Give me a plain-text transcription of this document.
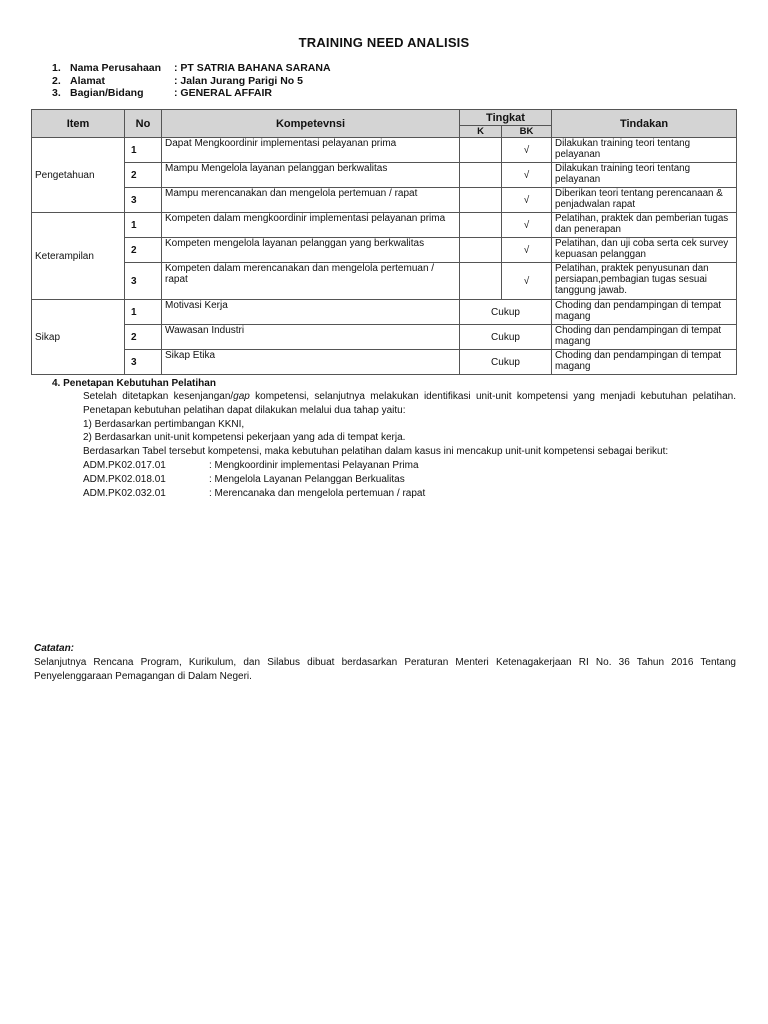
TRAINING NEED ANALISIS
1. Nama Perusahaan : PT SATRIA BAHANA SARANA
2. Alamat	: Jalan Jurang Parigi No 5
3. Bagian/Bidang	: GENERAL AFFAIR
Item	No	Kompetevnsi	Tingkat		Tindakan
			K	BK	
Pengetahuan	1	Dapat Mengkoordinir implementasi pelayanan prima		√	Dilakukan training teori tentang pelayanan
	2	Mampu Mengelola layanan pelanggan berkwalitas		√	Dilakukan training teori tentang pelayanan
	3	Mampu merencanakan dan mengelola pertemuan / rapat		√	Diberikan teori tentang perencanaan & penjadwalan rapat
Keterampilan	1	Kompeten dalam mengkoordinir implementasi pelayanan prima		√	Pelatihan, praktek dan pemberian tugas dan penerapan
	2	Kompeten mengelola layanan pelanggan yang berkwalitas		√	Pelatihan, dan uji coba serta cek survey kepuasan pelanggan
	3	Kompeten dalam merencanakan dan mengelola pertemuan / rapat		√	Pelatihan, praktek penyusunan dan persiapan,pembagian tugas sesuai tanggung jawab.
Sikap	1	Motivasi Kerja	Cukup		Choding dan pendampingan di tempat magang
	2	Wawasan Industri	Cukup		Choding dan pendampingan di tempat magang
	3	Sikap Etika	Cukup		Choding dan pendampingan di tempat magang
4. Penetapan Kebutuhan Pelatihan
Setelah ditetapkan kesenjangan/gap kompetensi, selanjutnya melakukan identifikasi unit-unit kompetensi yang menjadi kebutuhan pelatihan. Penetapan kebutuhan pelatihan dapat dilakukan melalui dua tahap yaitu:
1) Berdasarkan pertimbangan KKNI,
2) Berdasarkan unit-unit kompetensi pekerjaan yang ada di tempat kerja.
Berdasarkan Tabel tersebut kompetensi, maka kebutuhan pelatihan dalam kasus ini mencakup unit-unit kompetensi sebagai berikut:
ADM.PK02.017.01	: Mengkoordinir implementasi Pelayanan Prima
ADM.PK02.018.01	: Mengelola Layanan Pelanggan Berkualitas
ADM.PK02.032.01	: Merencanaka dan mengelola pertemuan / rapat
Catatan:
Selanjutnya Rencana Program, Kurikulum, dan Silabus dibuat berdasarkan Peraturan Menteri Ketenagakerjaan RI No. 36 Tahun 2016 Tentang Penyelenggaraan Pemagangan di Dalam Negeri.
